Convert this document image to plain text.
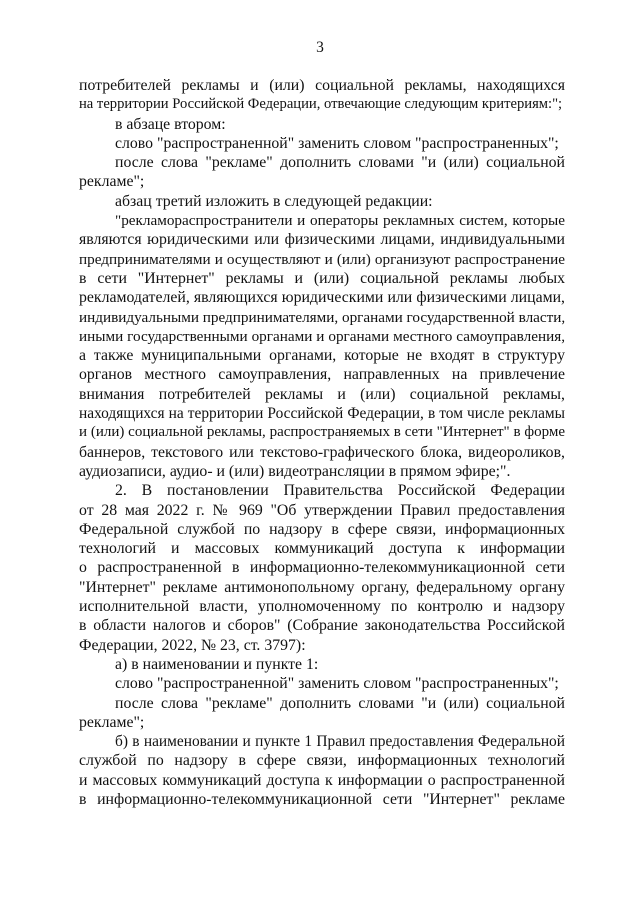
3
потребителей рекламы и (или) социальной рекламы, находящихся
на территории Российской Федерации, отвечающие следующим критериям:";
в абзаце втором:
слово "распространенной" заменить словом "распространенных";
после слова "рекламе" дополнить словами "и (или) социальной
рекламе";
абзац третий изложить в следующей редакции:
"рекламораспространители и операторы рекламных систем, которые
являются юридическими или физическими лицами, индивидуальными
предпринимателями и осуществляют и (или) организуют распространение
в сети "Интернет" рекламы и (или) социальной рекламы любых
рекламодателей, являющихся юридическими или физическими лицами,
индивидуальными предпринимателями, органами государственной власти,
иными государственными органами и органами местного самоуправления,
а также муниципальными органами, которые не входят в структуру
органов местного самоуправления, направленных на привлечение
внимания потребителей рекламы и (или) социальной рекламы,
находящихся на территории Российской Федерации, в том числе рекламы
и (или) социальной рекламы, распространяемых в сети "Интернет" в форме
баннеров, текстового или текстово-графического блока, видеороликов,
аудиозаписи, аудио- и (или) видеотрансляции в прямом эфире;".
2. В постановлении Правительства Российской Федерации
от 28 мая 2022 г. № 969 "Об утверждении Правил предоставления
Федеральной службой по надзору в сфере связи, информационных
технологий и массовых коммуникаций доступа к информации
о распространенной в информационно-телекоммуникационной сети
"Интернет" рекламе антимонопольному органу, федеральному органу
исполнительной власти, уполномоченному по контролю и надзору
в области налогов и сборов" (Собрание законодательства Российской
Федерации, 2022, № 23, ст. 3797):
а) в наименовании и пункте 1:
слово "распространенной" заменить словом "распространенных";
после слова "рекламе" дополнить словами "и (или) социальной
рекламе";
б) в наименовании и пункте 1 Правил предоставления Федеральной
службой по надзору в сфере связи, информационных технологий
и массовых коммуникаций доступа к информации о распространенной
в информационно-телекоммуникационной сети "Интернет" рекламе
